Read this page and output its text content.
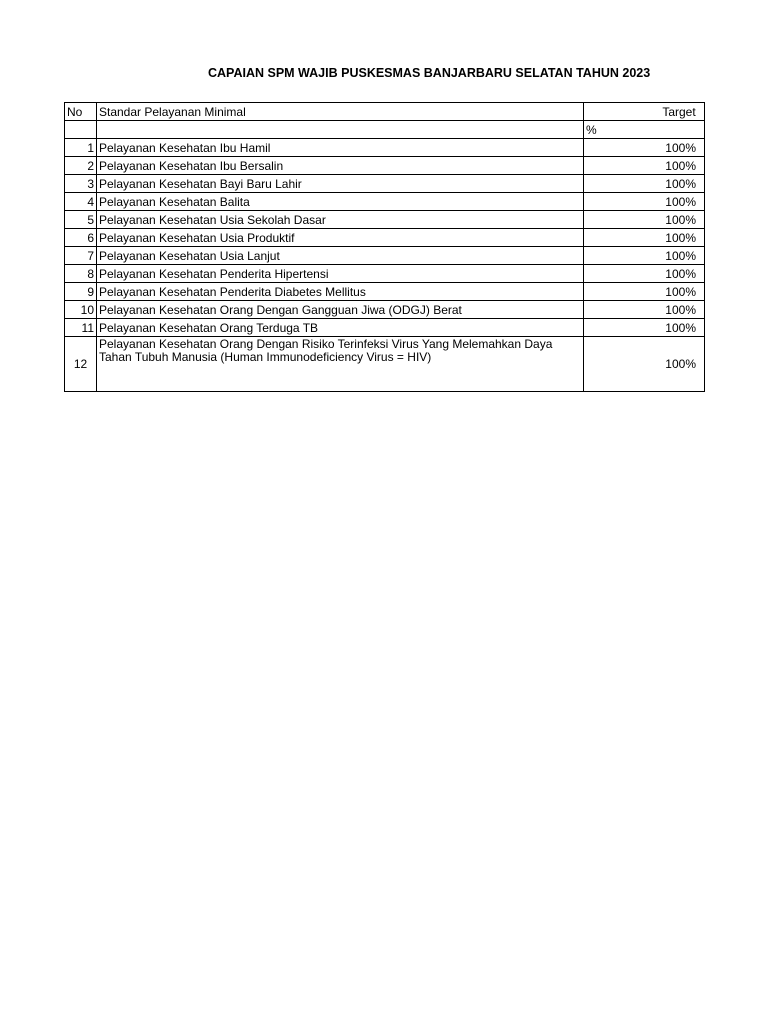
CAPAIAN SPM WAJIB PUSKESMAS BANJARBARU SELATAN TAHUN 2023
No	Standar Pelayanan Minimal	Target
		%
1	Pelayanan Kesehatan Ibu Hamil	100%
2	Pelayanan Kesehatan Ibu Bersalin	100%
3	Pelayanan Kesehatan Bayi Baru Lahir	100%
4	Pelayanan Kesehatan Balita	100%
5	Pelayanan Kesehatan Usia Sekolah Dasar	100%
6	Pelayanan Kesehatan Usia Produktif	100%
7	Pelayanan Kesehatan Usia Lanjut	100%
8	Pelayanan Kesehatan Penderita Hipertensi	100%
9	Pelayanan Kesehatan Penderita Diabetes Mellitus	100%
10	Pelayanan Kesehatan Orang Dengan Gangguan Jiwa (ODGJ) Berat	100%
11	Pelayanan Kesehatan Orang Terduga TB	100%
12	Pelayanan Kesehatan Orang Dengan Risiko Terinfeksi Virus Yang Melemahkan Daya Tahan Tubuh Manusia (Human Immunodeficiency Virus = HIV)	100%
